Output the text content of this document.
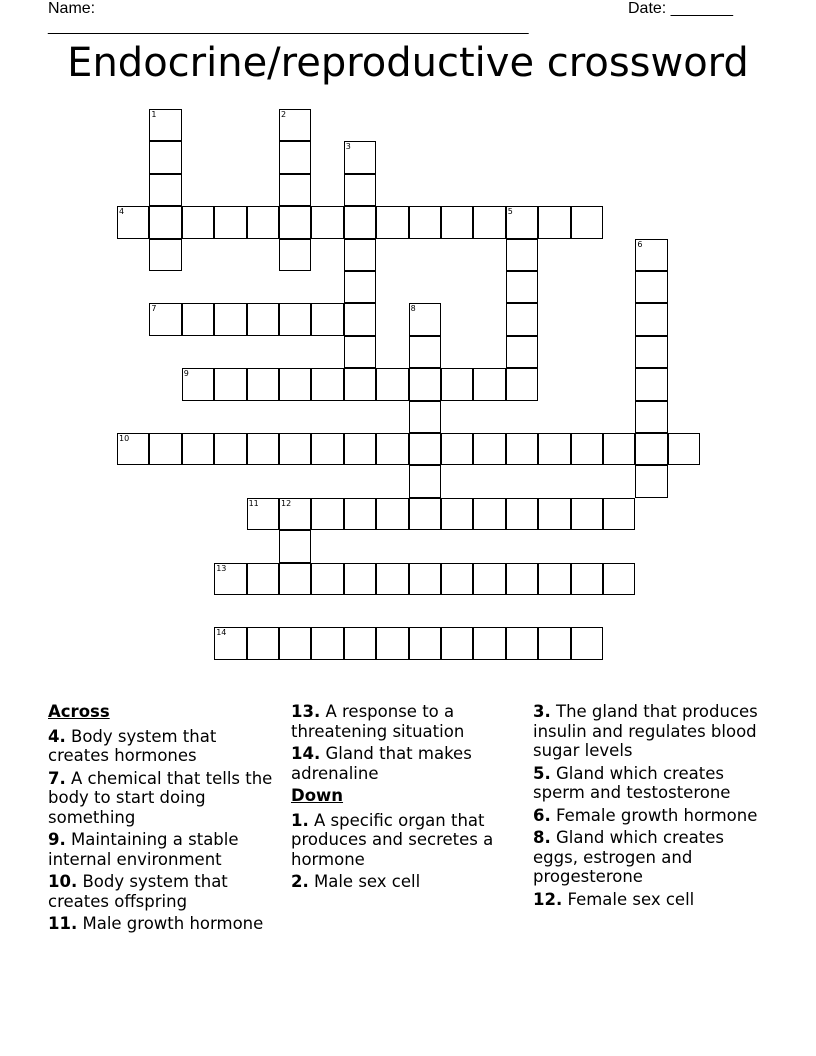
Name: ______________________________________________________
Date: _______
Endocrine/reproductive crossword
1	2
3
4	5
6
7	8
9
10
11	12
13
14
Across
4. Body system that creates hormones
7. A chemical that tells the body to start doing something
9. Maintaining a stable internal environment
10. Body system that creates offspring
11. Male growth hormone
13. A response to a threatening situation
14. Gland that makes adrenaline
Down
1. A specific organ that produces and secretes a hormone
2. Male sex cell
3. The gland that produces insulin and regulates blood sugar levels
5. Gland which creates sperm and testosterone
6. Female growth hormone
8. Gland which creates eggs, estrogen and progesterone
12. Female sex cell
